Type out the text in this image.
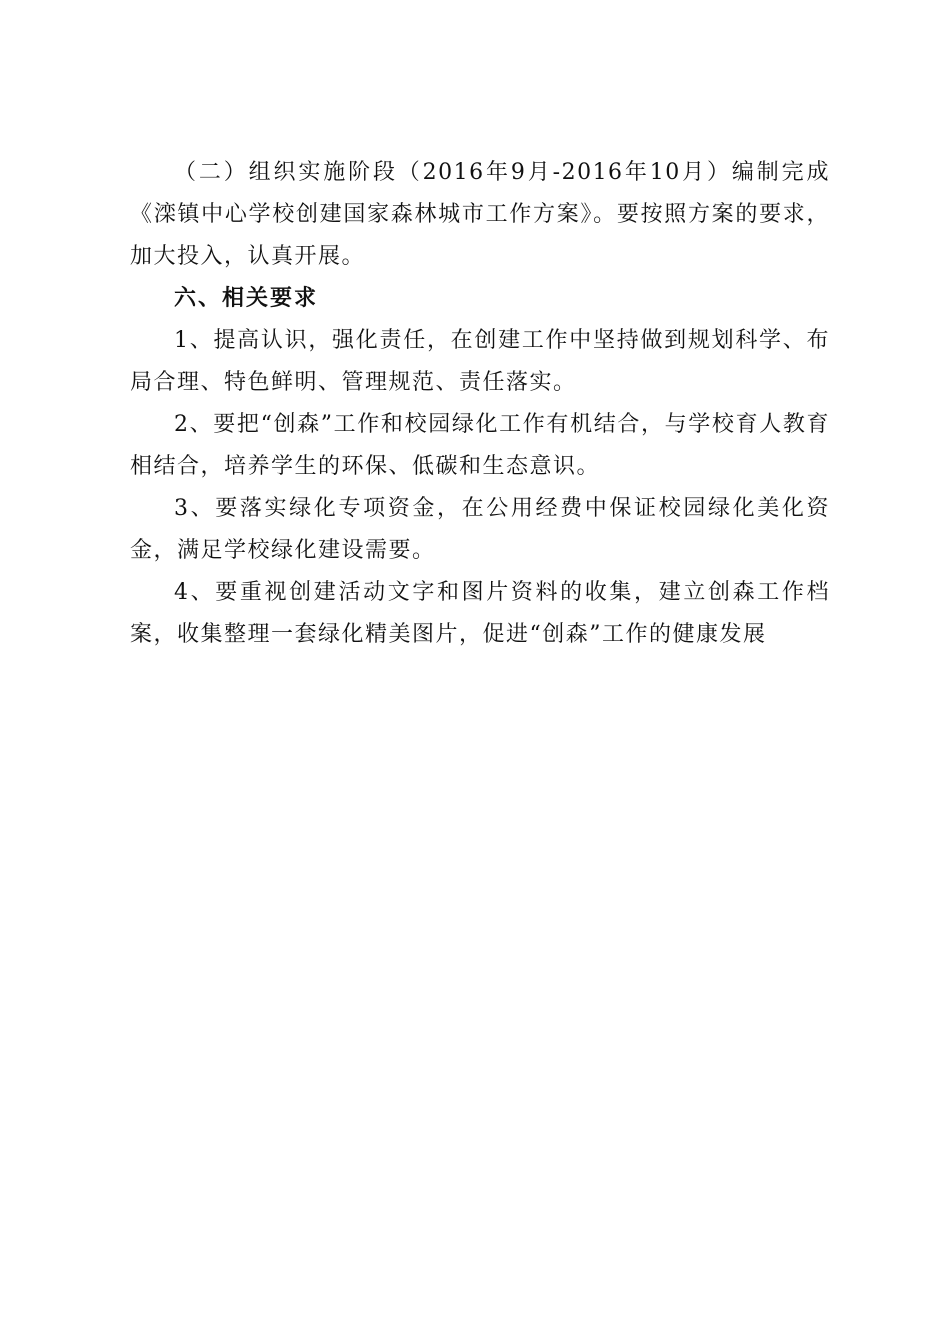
（二）组织实施阶段（2016年9月-2016年10月）编制完成《滦镇中心学校创建国家森林城市工作方案》。要按照方案的要求，加大投入，认真开展。

六、相关要求

1、提高认识，强化责任，在创建工作中坚持做到规划科学、布局合理、特色鲜明、管理规范、责任落实。

2、要把“创森”工作和校园绿化工作有机结合，与学校育人教育相结合，培养学生的环保、低碳和生态意识。

3、要落实绿化专项资金，在公用经费中保证校园绿化美化资金，满足学校绿化建设需要。

4、要重视创建活动文字和图片资料的收集，建立创森工作档案，收集整理一套绿化精美图片，促进“创森”工作的健康发展
